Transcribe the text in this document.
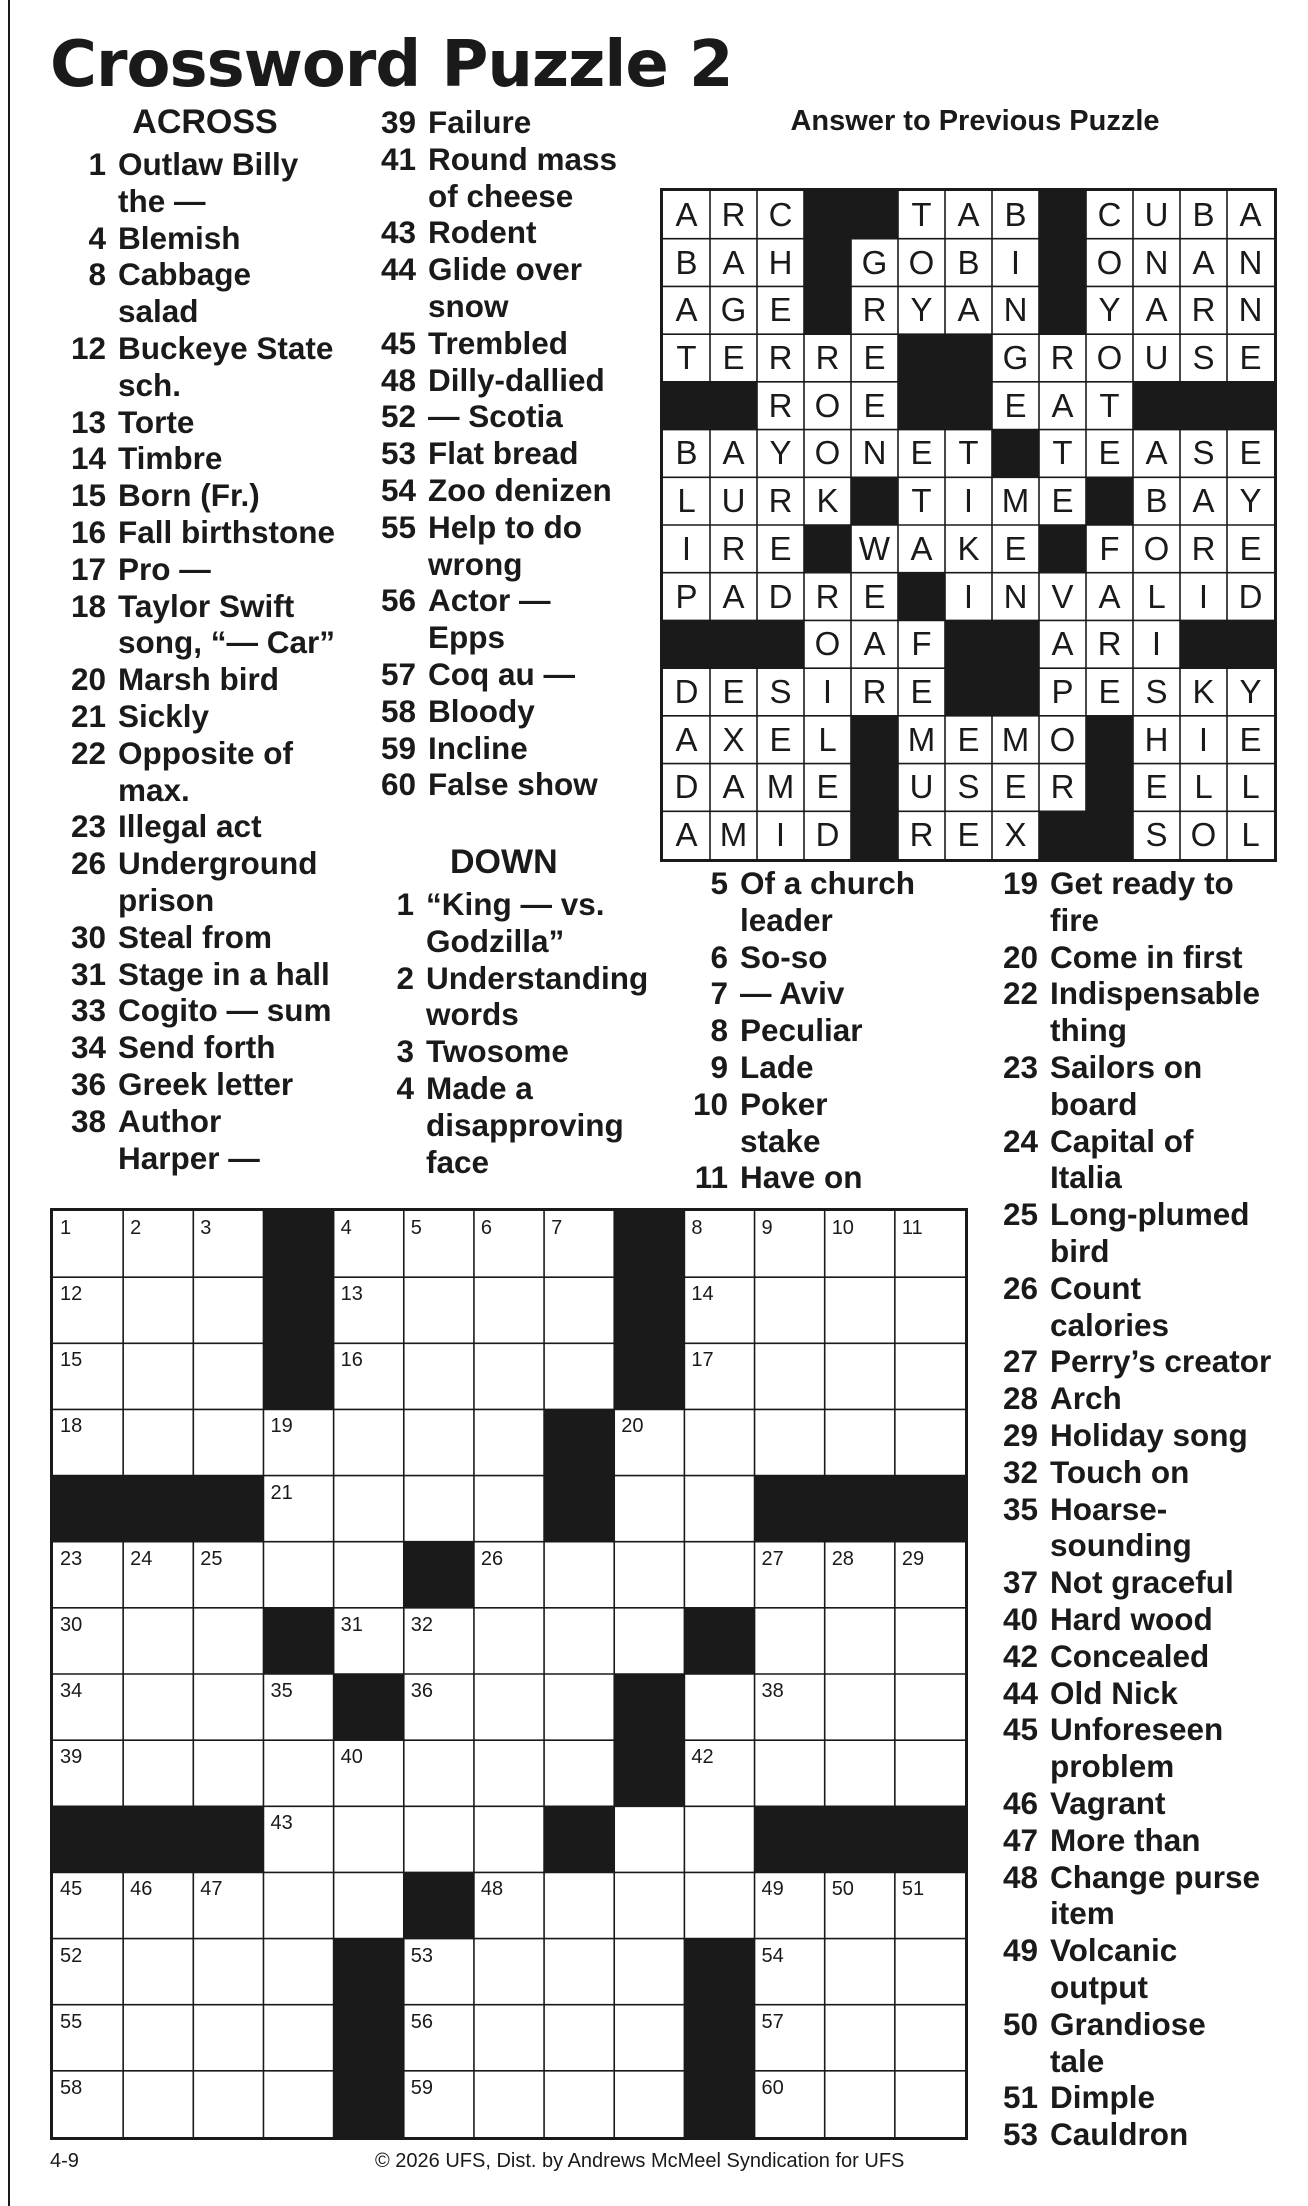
Crossword Puzzle 2
ACROSS
1 Outlaw Billy
the —
4 Blemish
8 Cabbage
salad
12 Buckeye State
sch.
13 Torte
14 Timbre
15 Born (Fr.)
16 Fall birthstone
17 Pro —
18 Taylor Swift
song, “— Car”
20 Marsh bird
21 Sickly
22 Opposite of
max.
23 Illegal act
26 Underground
prison
30 Steal from
31 Stage in a hall
33 Cogito — sum
34 Send forth
36 Greek letter
38 Author
Harper —
39 Failure
41 Round mass
of cheese
43 Rodent
44 Glide over
snow
45 Trembled
48 Dilly-dallied
52 — Scotia
53 Flat bread
54 Zoo denizen
55 Help to do
wrong
56 Actor —
Epps
57 Coq au —
58 Bloody
59 Incline
60 False show
DOWN
1 “King — vs.
Godzilla”
2 Understanding
words
3 Twosome
4 Made a
disapproving
face
5 Of a church
leader
6 So-so
7 — Aviv
8 Peculiar
9 Lade
10 Poker
stake
11 Have on
19 Get ready to
fire
20 Come in first
22 Indispensable
thing
23 Sailors on
board
24 Capital of
Italia
25 Long-plumed
bird
26 Count
calories
27 Perry’s creator
28 Arch
29 Holiday song
32 Touch on
35 Hoarse-
sounding
37 Not graceful
40 Hard wood
42 Concealed
44 Old Nick
45 Unforeseen
problem
46 Vagrant
47 More than
48 Change purse
item
49 Volcanic
output
50 Grandiose
tale
51 Dimple
53 Cauldron
Answer to Previous Puzzle
A R C	T A B	C U B A
B A H	G O B I	O N A N
A G E	R Y A N	Y A R N
T E R R E	G R O U S E
R O E	E A T
B A Y O N E T	T E A S E
L U R K	T I M E	B A Y
I R E	W A K E	F O R E
P A D R E	I N V A L	I D
O A F	A R I
D E S I R E	P E S K Y
A X E L	M E M O	H I E
D A M E	U S E R	E L L
A M I D	R E X	S O L
1	2	3	4	5	6	7	8	9	10 11
12	13	14
15	16	17
18	19	20
21	22
23 24 25	26	27 28 29
30	31 32	33
34	35	36	37	38
39	40	41 42
43	44
45 46 47	48	49 50 51
52	53	54
55	56	57
58	59	60
4-9	© 2026 UFS, Dist. by Andrews McMeel Syndication for UFS
